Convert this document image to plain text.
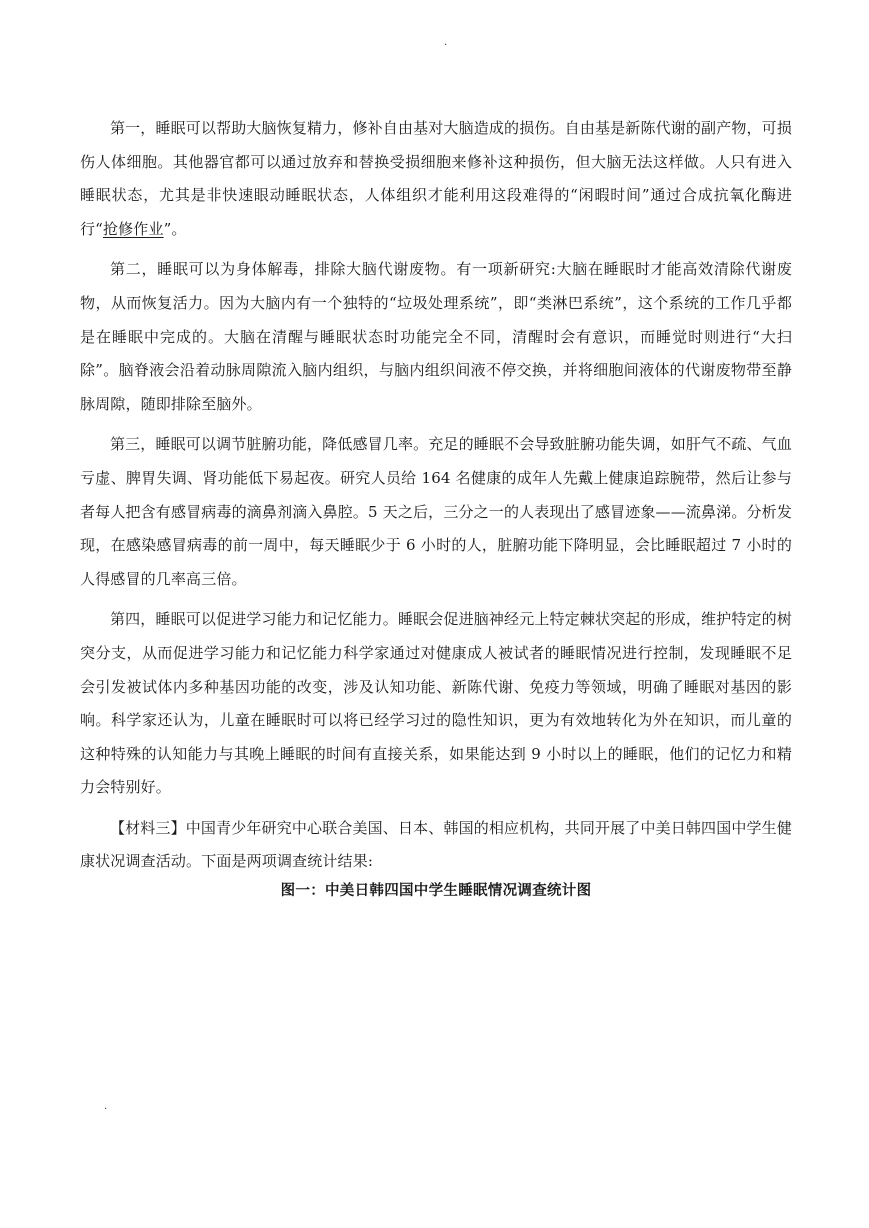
.

第一，睡眠可以帮助大脑恢复精力，修补自由基对大脑造成的损伤。自由基是新陈代谢的副产物，可损伤人体细胞。其他器官都可以通过放弃和替换受损细胞来修补这种损伤，但大脑无法这样做。人只有进入睡眠状态，尤其是非快速眼动睡眠状态，人体组织才能利用这段难得的“闲暇时间”通过合成抗氧化酶进行“抢修作业”。

第二，睡眠可以为身体解毒，排除大脑代谢废物。有一项新研究:大脑在睡眠时才能高效清除代谢废物，从而恢复活力。因为大脑内有一个独特的“垃圾处理系统”，即“类淋巴系统”，这个系统的工作几乎都是在睡眠中完成的。大脑在清醒与睡眠状态时功能完全不同，清醒时会有意识，而睡觉时则进行“大扫除”。脑脊液会沿着动脉周隙流入脑内组织，与脑内组织间液不停交换，并将细胞间液体的代谢废物带至静脉周隙，随即排除至脑外。

第三，睡眠可以调节脏腑功能，降低感冒几率。充足的睡眠不会导致脏腑功能失调，如肝气不疏、气血亏虚、脾胃失调、肾功能低下易起夜。研究人员给 164 名健康的成年人先戴上健康追踪腕带，然后让参与者每人把含有感冒病毒的滴鼻剂滴入鼻腔。5 天之后，三分之一的人表现出了感冒迹象——流鼻涕。分析发现，在感染感冒病毒的前一周中，每天睡眠少于 6 小时的人，脏腑功能下降明显，会比睡眠超过 7 小时的人得感冒的几率高三倍。

第四，睡眠可以促进学习能力和记忆能力。睡眠会促进脑神经元上特定棘状突起的形成，维护特定的树突分支，从而促进学习能力和记忆能力科学家通过对健康成人被试者的睡眠情况进行控制，发现睡眠不足会引发被试体内多种基因功能的改变，涉及认知功能、新陈代谢、免疫力等领域，明确了睡眠对基因的影响。科学家还认为，儿童在睡眠时可以将已经学习过的隐性知识，更为有效地转化为外在知识，而儿童的这种特殊的认知能力与其晚上睡眠的时间有直接关系，如果能达到 9 小时以上的睡眠，他们的记忆力和精力会特别好。

【材料三】中国青少年研究中心联合美国、日本、韩国的相应机构，共同开展了中美日韩四国中学生健康状况调查活动。下面是两项调查统计结果:

图一：中美日韩四国中学生睡眠情况调查统计图

.
